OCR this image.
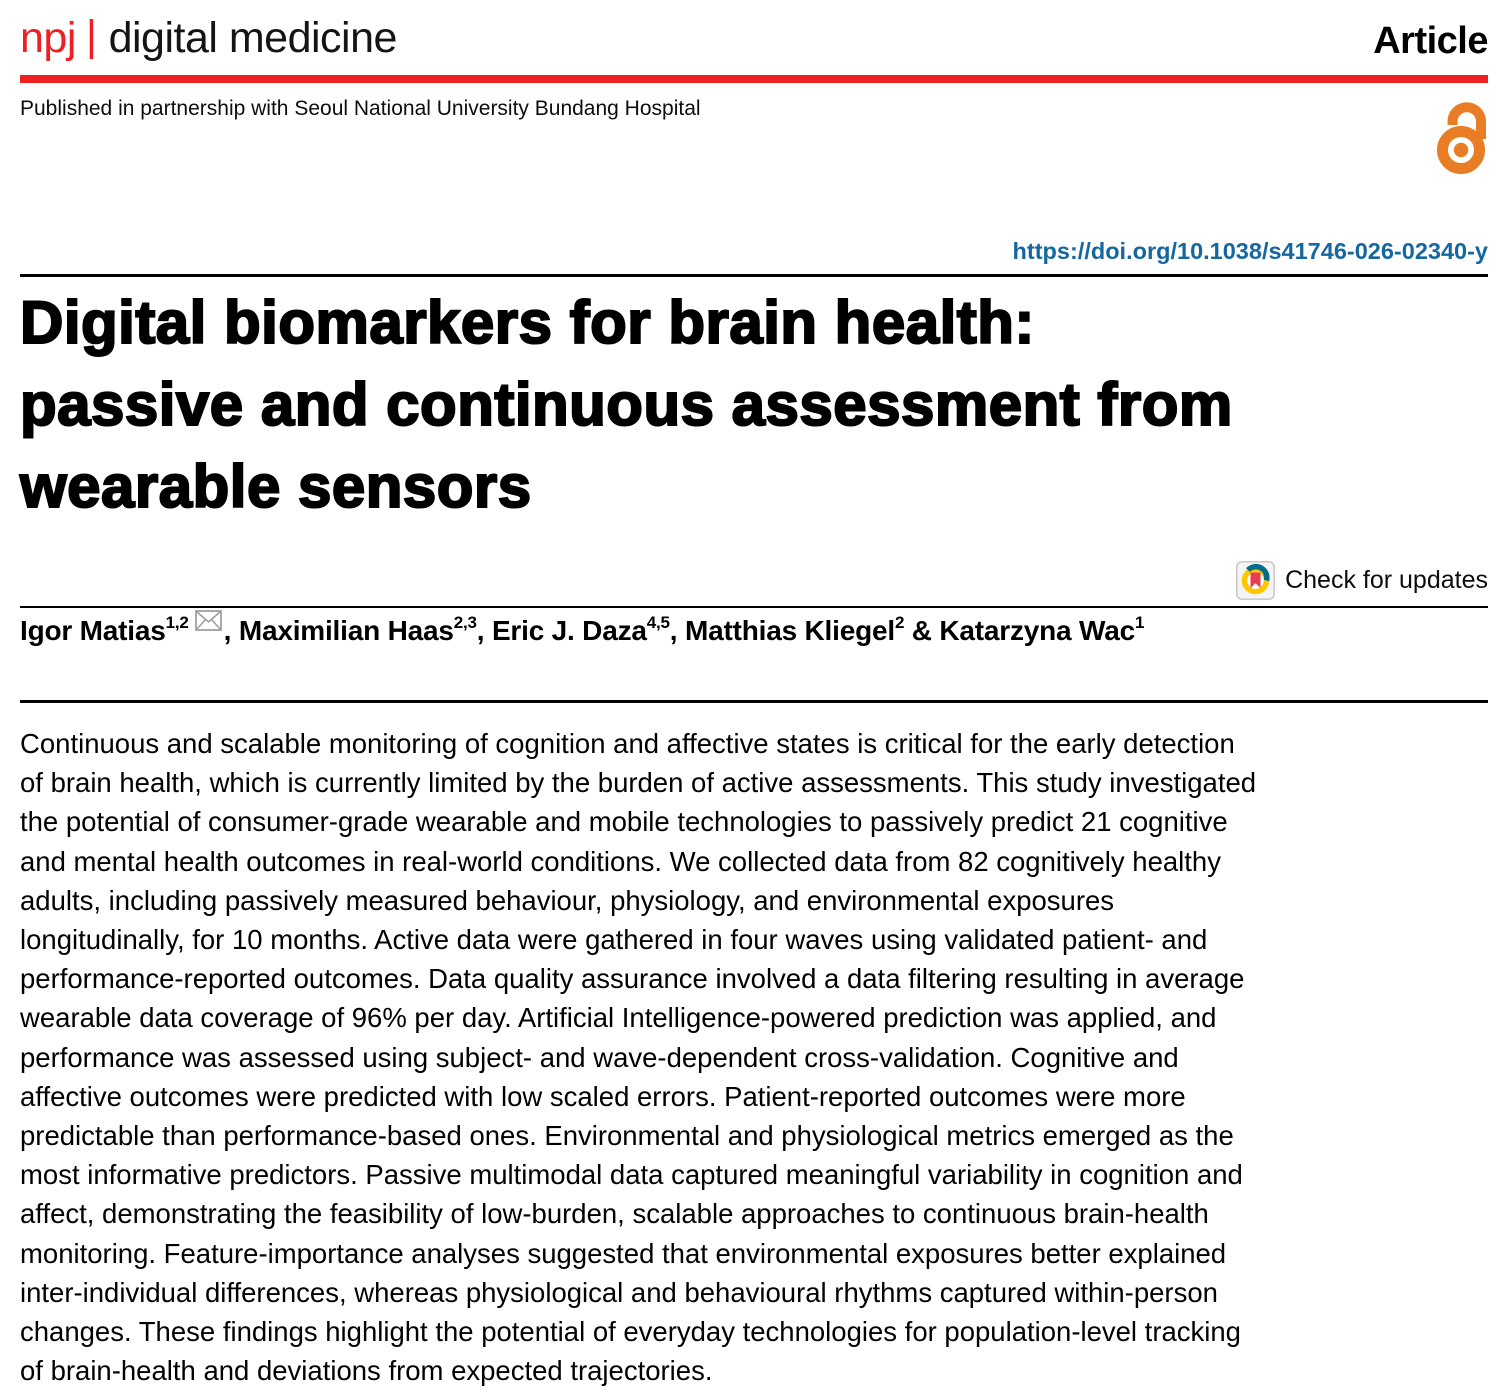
npj | digital medicine	Article
Published in partnership with Seoul National University Bundang Hospital
https://doi.org/10.1038/s41746-026-02340-y
Digital biomarkers for brain health:
passive and continuous assessment from
wearable sensors
Check for updates
Igor Matias$^{1,2}$ , Maximilian Haas$^{2,3}$, Eric J. Daza$^{4,5}$, Matthias Kliegel$^2$ & Katarzyna Wac$^1$
Continuous and scalable monitoring of cognition and affective states is critical for the early detection of brain health, which is currently limited by the burden of active assessments. This study investigated the potential of consumer-grade wearable and mobile technologies to passively predict 21 cognitive and mental health outcomes in real-world conditions. We collected data from 82 cognitively healthy adults, including passively measured behaviour, physiology, and environmental exposures longitudinally, for 10 months. Active data were gathered in four waves using validated patient- and performance-reported outcomes. Data quality assurance involved a data filtering resulting in average wearable data coverage of 96% per day. Artificial Intelligence-powered prediction was applied, and performance was assessed using subject- and wave-dependent cross-validation. Cognitive and affective outcomes were predicted with low scaled errors. Patient-reported outcomes were more predictable than performance-based ones. Environmental and physiological metrics emerged as the most informative predictors. Passive multimodal data captured meaningful variability in cognition and affect, demonstrating the feasibility of low-burden, scalable approaches to continuous brain-health monitoring. Feature-importance analyses suggested that environmental exposures better explained inter-individual differences, whereas physiological and behavioural rhythms captured within-person changes. These findings highlight the potential of everyday technologies for population-level tracking of brain-health and deviations from expected trajectories.
